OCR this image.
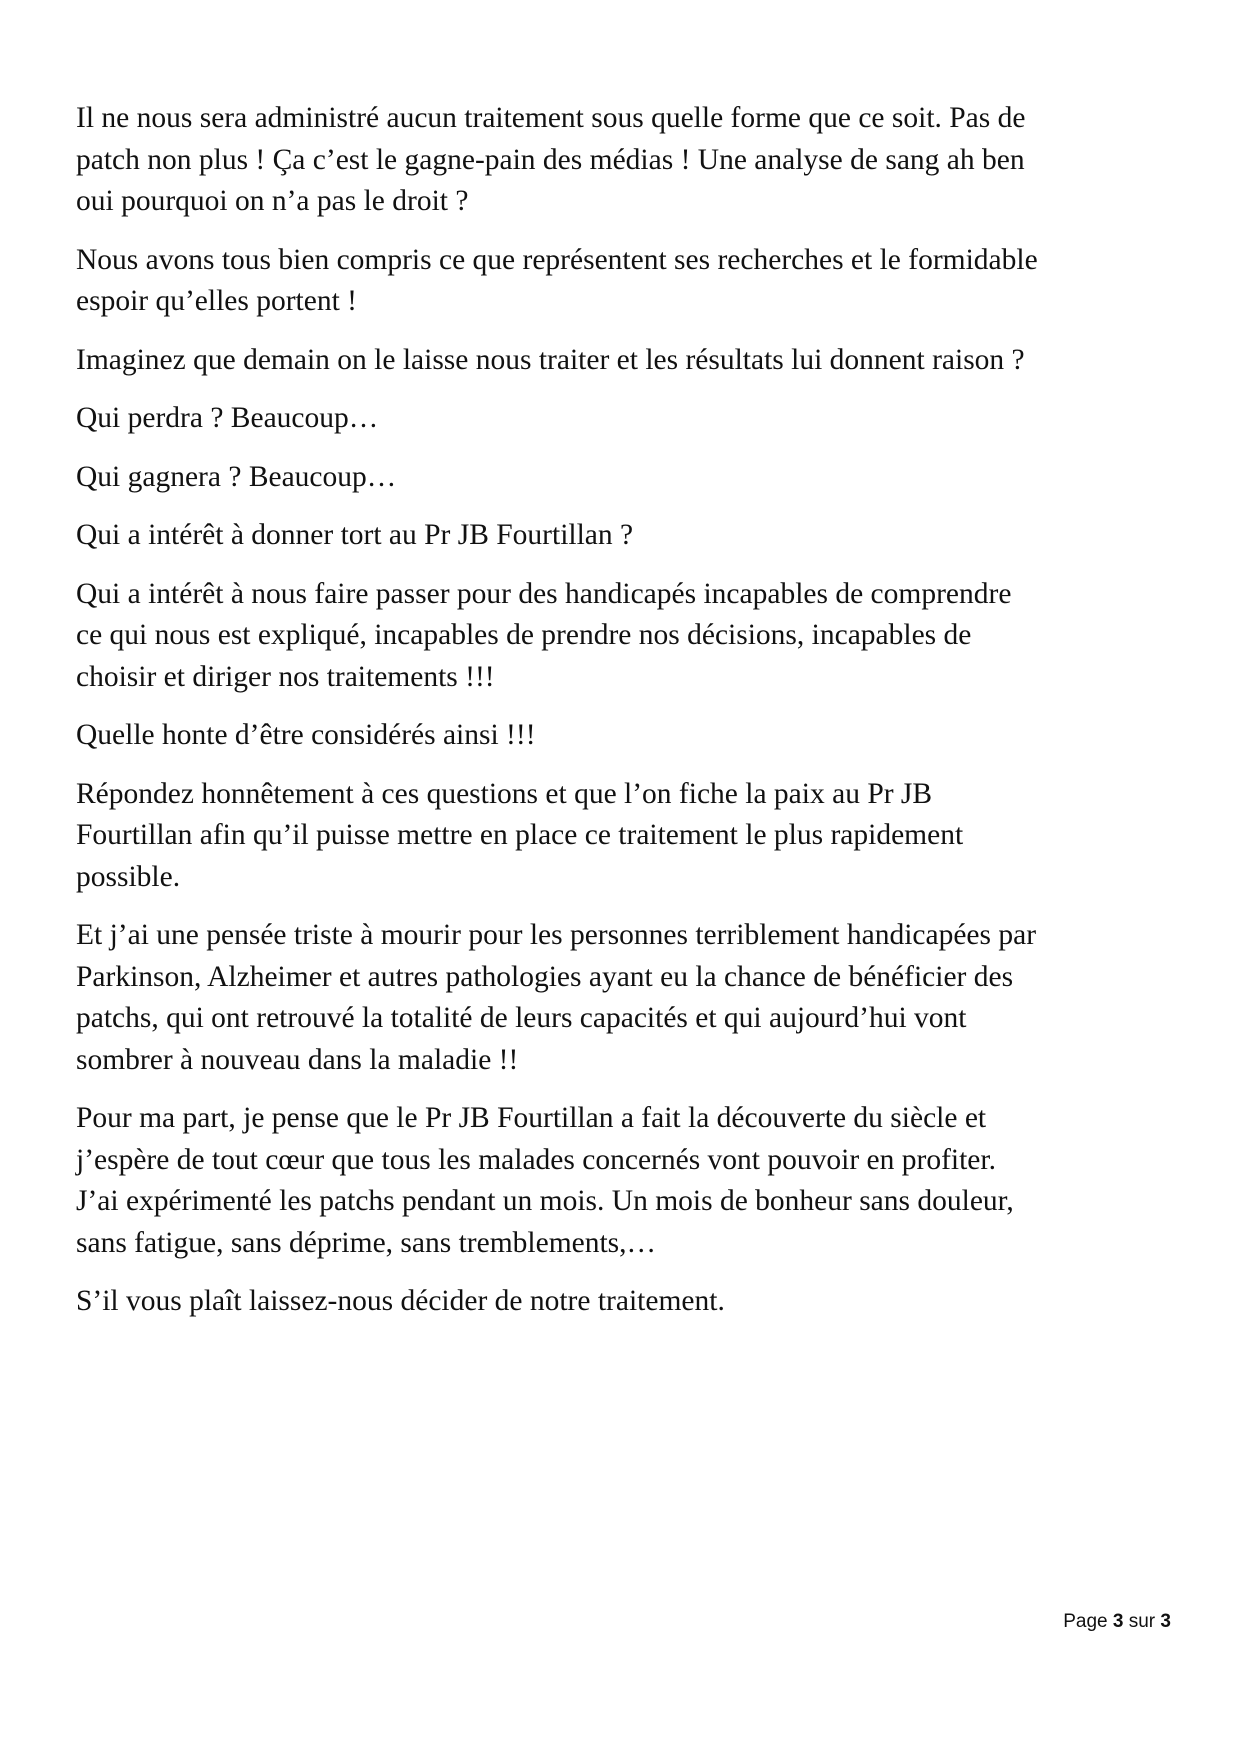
Il ne nous sera administré aucun traitement sous quelle forme que ce soit. Pas de
patch non plus ! Ça c’est le gagne-pain des médias ! Une analyse de sang ah ben
oui pourquoi on n’a pas le droit ?

Nous avons tous bien compris ce que représentent ses recherches et le formidable
espoir qu’elles portent !

Imaginez que demain on le laisse nous traiter et les résultats lui donnent raison ?

Qui perdra ? Beaucoup…

Qui gagnera ? Beaucoup…

Qui a intérêt à donner tort au Pr JB Fourtillan ?

Qui a intérêt à nous faire passer pour des handicapés incapables de comprendre
ce qui nous est expliqué, incapables de prendre nos décisions, incapables de
choisir et diriger nos traitements !!!

Quelle honte d’être considérés ainsi !!!

Répondez honnêtement à ces questions et que l’on fiche la paix au Pr JB
Fourtillan afin qu’il puisse mettre en place ce traitement le plus rapidement
possible.

Et j’ai une pensée triste à mourir pour les personnes terriblement handicapées par
Parkinson, Alzheimer et autres pathologies ayant eu la chance de bénéficier des
patchs, qui ont retrouvé la totalité de leurs capacités et qui aujourd’hui vont
sombrer à nouveau dans la maladie !!

Pour ma part, je pense que le Pr JB Fourtillan a fait la découverte du siècle et
j’espère de tout cœur que tous les malades concernés vont pouvoir en profiter.
J’ai expérimenté les patchs pendant un mois. Un mois de bonheur sans douleur,
sans fatigue, sans déprime, sans tremblements,…

S’il vous plaît laissez-nous décider de notre traitement.

Page 3 sur 3
